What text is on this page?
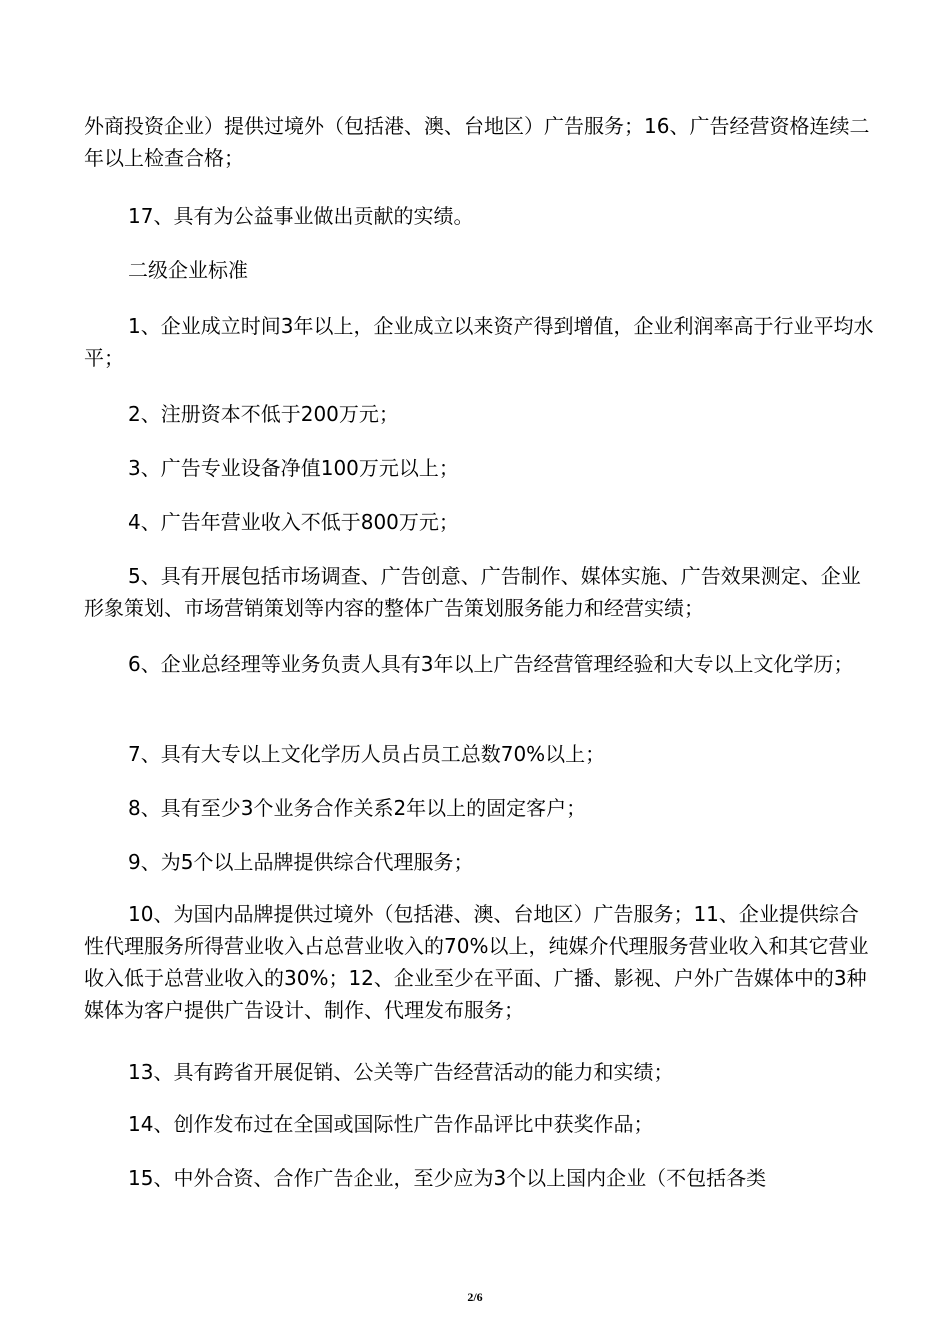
外商投资企业）提供过境外（包括港、澳、台地区）广告服务；16、广告经营资格连续二年以上检查合格；

17、具有为公益事业做出贡献的实绩。

二级企业标准

1、企业成立时间3年以上，企业成立以来资产得到增值，企业利润率高于行业平均水平；

2、注册资本不低于200万元；

3、广告专业设备净值100万元以上；

4、广告年营业收入不低于800万元；

5、具有开展包括市场调查、广告创意、广告制作、媒体实施、广告效果测定、企业形象策划、市场营销策划等内容的整体广告策划服务能力和经营实绩；

6、企业总经理等业务负责人具有3年以上广告经营管理经验和大专以上文化学历；

7、具有大专以上文化学历人员占员工总数70%以上；

8、具有至少3个业务合作关系2年以上的固定客户；

9、为5个以上品牌提供综合代理服务；

10、为国内品牌提供过境外（包括港、澳、台地区）广告服务；11、企业提供综合性代理服务所得营业收入占总营业收入的70%以上，纯媒介代理服务营业收入和其它营业收入低于总营业收入的30%；12、企业至少在平面、广播、影视、户外广告媒体中的3种媒体为客户提供广告设计、制作、代理发布服务；

13、具有跨省开展促销、公关等广告经营活动的能力和实绩；

14、创作发布过在全国或国际性广告作品评比中获奖作品；

15、中外合资、合作广告企业，至少应为3个以上国内企业（不包括各类

2/6
